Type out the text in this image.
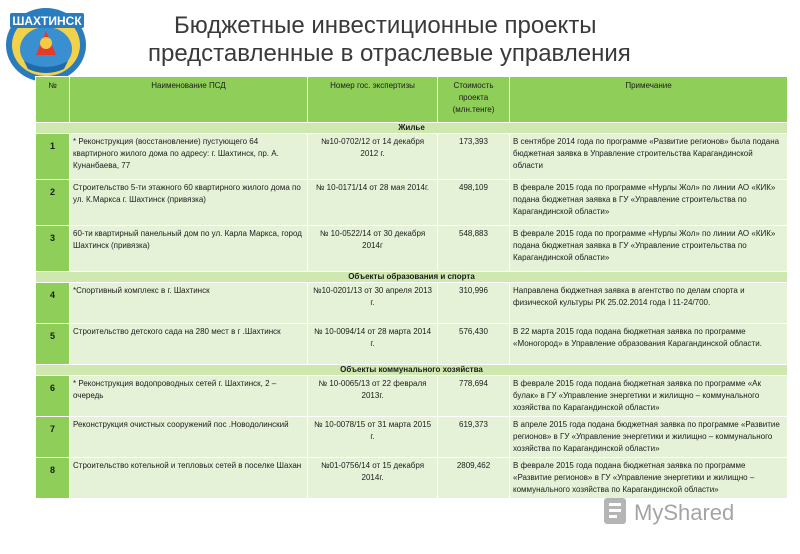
ШАХТИНСК	Бюджетные инвестиционные проекты
представленные в отраслевые управления
№	Наименование ПСД	Номер гос. экспертизы	Стоимость проекта (млн.тенге)	Примечание
Жилье				
1	* Реконструкция (восстановление) пустующего 64 квартирного жилого дома по адресу: г. Шахтинск, пр. А. Кунанбаева, 77	№10-0702/12 от 14 декабря 2012 г.	173,393	В сентябре 2014 года по программе «Развитие регионов» была подана бюджетная заявка в Управление строительства Карагандинской области
2	Строительство 5-ти этажного 60 квартирного жилого дома по ул. К.Маркса г. Шахтинск (привязка)	№ 10-0171/14 от 28 мая 2014г.	498,109	В феврале 2015 года по программе «Нурлы Жол» по линии АО «КИК» подана бюджетная заявка в ГУ «Управление строительства по Карагандинской области»
3	60-ти квартирный панельный дом по ул. Карла Маркса, город Шахтинск (привязка)	№ 10-0522/14 от 30 декабря 2014г	548,883	В феврале 2015 года по программе «Нурлы Жол» по линии АО «КИК» подана бюджетная заявка в ГУ «Управление строительства по Карагандинской области»
Объекты образования и спорта				
4	*Спортивный комплекс в г. Шахтинск	№10-0201/13 от 30 апреля 2013 г.	310,996	Направлена бюджетная заявка в агентство по делам спорта и физической культуры РК 25.02.2014 года І 11-24/700.
5	Строительство детского сада на 280 мест в г .Шахтинск	№ 10-0094/14 от 28 марта 2014 г.	576,430	В 22 марта 2015 года подана бюджетная заявка по программе «Моногород» в Управление образования Карагандинской области.
Объекты коммунального хозяйства				
6	* Реконструкция водопроводных сетей г. Шахтинск, 2 – очередь	№ 10-0065/13 от 22 февраля 2013г.	778,694	В феврале 2015 года подана бюджетная заявка по программе «Ак булак» в ГУ «Управление энергетики и жилищно – коммунального хозяйства по Карагандинской области»
7	Реконструкция очистных сооружений пос .Новодолинский	№ 10-0078/15 от 31 марта 2015 г.	619,373	В апреле 2015 года подана бюджетная заявка по программе «Развитие регионов» в ГУ «Управление энергетики и жилищно – коммунального хозяйства по Карагандинской области»
8	Строительство котельной и тепловых сетей в поселке Шахан	№01-0756/14 от 15 декабря 2014г.	2809,462	В феврале 2015 года подана бюджетная заявка по программе «Развитие регионов» в ГУ «Управление энергетики и жилищно – коммунального хозяйства по Карагандинской области»
MyShared
